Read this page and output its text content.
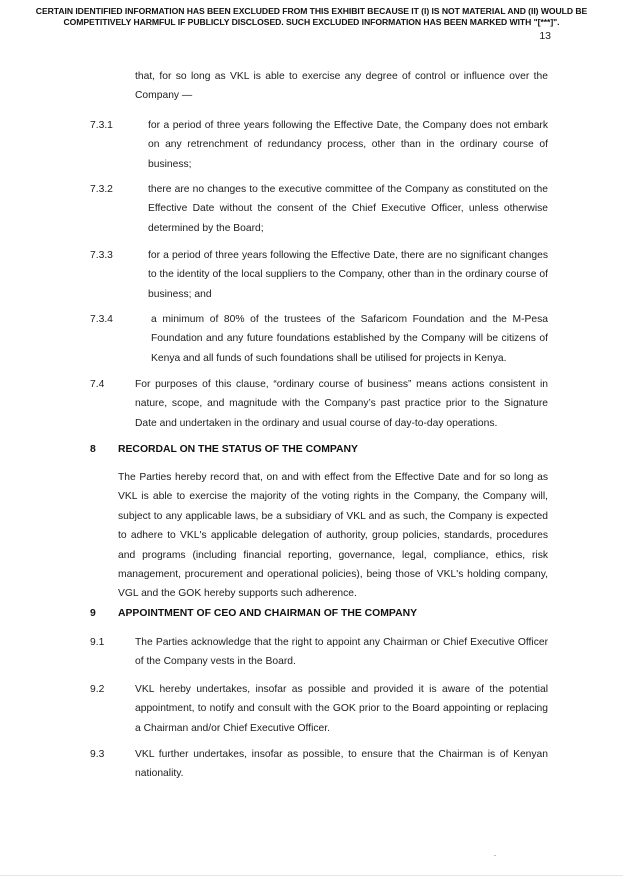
CERTAIN IDENTIFIED INFORMATION HAS BEEN EXCLUDED FROM THIS EXHIBIT BECAUSE IT (I) IS NOT MATERIAL AND (II) WOULD BE COMPETITIVELY HARMFUL IF PUBLICLY DISCLOSED. SUCH EXCLUDED INFORMATION HAS BEEN MARKED WITH "[***]".
13
that, for so long as VKL is able to exercise any degree of control or influence over the Company —
7.3.1	for a period of three years following the Effective Date, the Company does not embark on any retrenchment of redundancy process, other than in the ordinary course of business;
7.3.2	there are no changes to the executive committee of the Company as constituted on the Effective Date without the consent of the Chief Executive Officer, unless otherwise determined by the Board;
7.3.3	for a period of three years following the Effective Date, there are no significant changes to the identity of the local suppliers to the Company, other than in the ordinary course of business; and
7.3.4	a minimum of 80% of the trustees of the Safaricom Foundation and the M-Pesa Foundation and any future foundations established by the Company will be citizens of Kenya and all funds of such foundations shall be utilised for projects in Kenya.
7.4	For purposes of this clause, “ordinary course of business” means actions consistent in nature, scope, and magnitude with the Company’s past practice prior to the Signature Date and undertaken in the ordinary and usual course of day-to-day operations.
8 RECORDAL ON THE STATUS OF THE COMPANY
The Parties hereby record that, on and with effect from the Effective Date and for so long as VKL is able to exercise the majority of the voting rights in the Company, the Company will, subject to any applicable laws, be a subsidiary of VKL and as such, the Company is expected to adhere to VKL's applicable delegation of authority, group policies, standards, procedures and programs (including financial reporting, governance, legal, compliance, ethics, risk management, procurement and operational policies), being those of VKL's holding company, VGL and the GOK hereby supports such adherence.
9 APPOINTMENT OF CEO AND CHAIRMAN OF THE COMPANY
9.1	The Parties acknowledge that the right to appoint any Chairman or Chief Executive Officer of the Company vests in the Board.
9.2	VKL hereby undertakes, insofar as possible and provided it is aware of the potential appointment, to notify and consult with the GOK prior to the Board appointing or replacing a Chairman and/or Chief Executive Officer.
9.3	VKL further undertakes, insofar as possible, to ensure that the Chairman is of Kenyan nationality.
